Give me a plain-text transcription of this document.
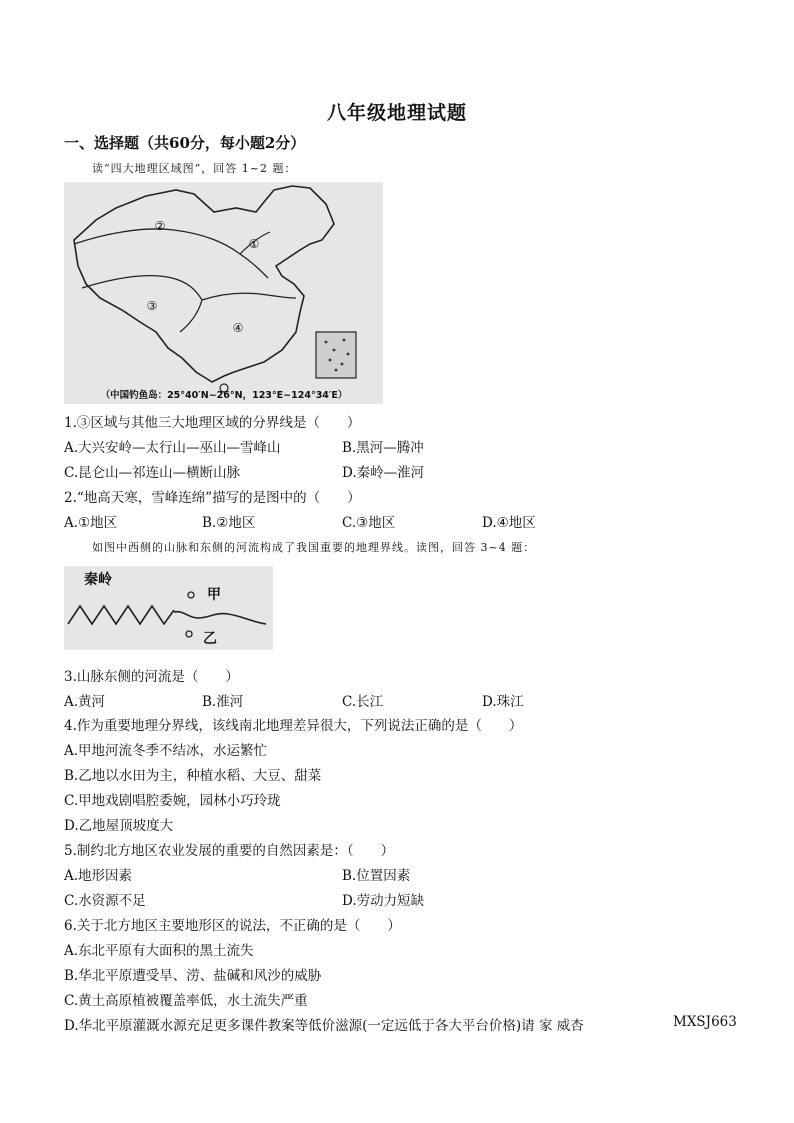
八年级地理试题
一、选择题（共60分，每小题2分）
读“四大地理区域图”，回答 1~2 题：
①
②
③
④
（中国钓鱼岛：25°40′N~26°N，123°E~124°34′E）
1.③区域与其他三大地理区域的分界线是（　　）
A.大兴安岭—太行山—巫山—雪峰山	B.黑河—腾冲
C.昆仑山—祁连山—横断山脉	D.秦岭—淮河
2.“地高天寒，雪峰连绵”描写的是图中的（　　）
A.①地区	B.②地区	C.③地区	D.④地区
如图中西侧的山脉和东侧的河流构成了我国重要的地理界线。读图，回答 3~4 题：
秦岭
甲
乙
3.山脉东侧的河流是（　　）
A.黄河	B.淮河	C.长江	D.珠江
4.作为重要地理分界线，该线南北地理差异很大，下列说法正确的是（　　）
A.甲地河流冬季不结冰，水运繁忙
B.乙地以水田为主，种植水稻、大豆、甜菜
C.甲地戏剧唱腔委婉，园林小巧玲珑
D.乙地屋顶坡度大
5.制约北方地区农业发展的重要的自然因素是：（　　）
A.地形因素	B.位置因素
C.水资源不足	D.劳动力短缺
6.关于北方地区主要地形区的说法，不正确的是（　　）
A.东北平原有大面积的黑土流失
B.华北平原遭受旱、涝、盐碱和风沙的威胁
C.黄土高原植被覆盖率低，水土流失严重
D.华北平原灌溉水源充足更多课件教案等低价滋源(一定远低于各大平台价格)请 家 威杏	MXSJ663
